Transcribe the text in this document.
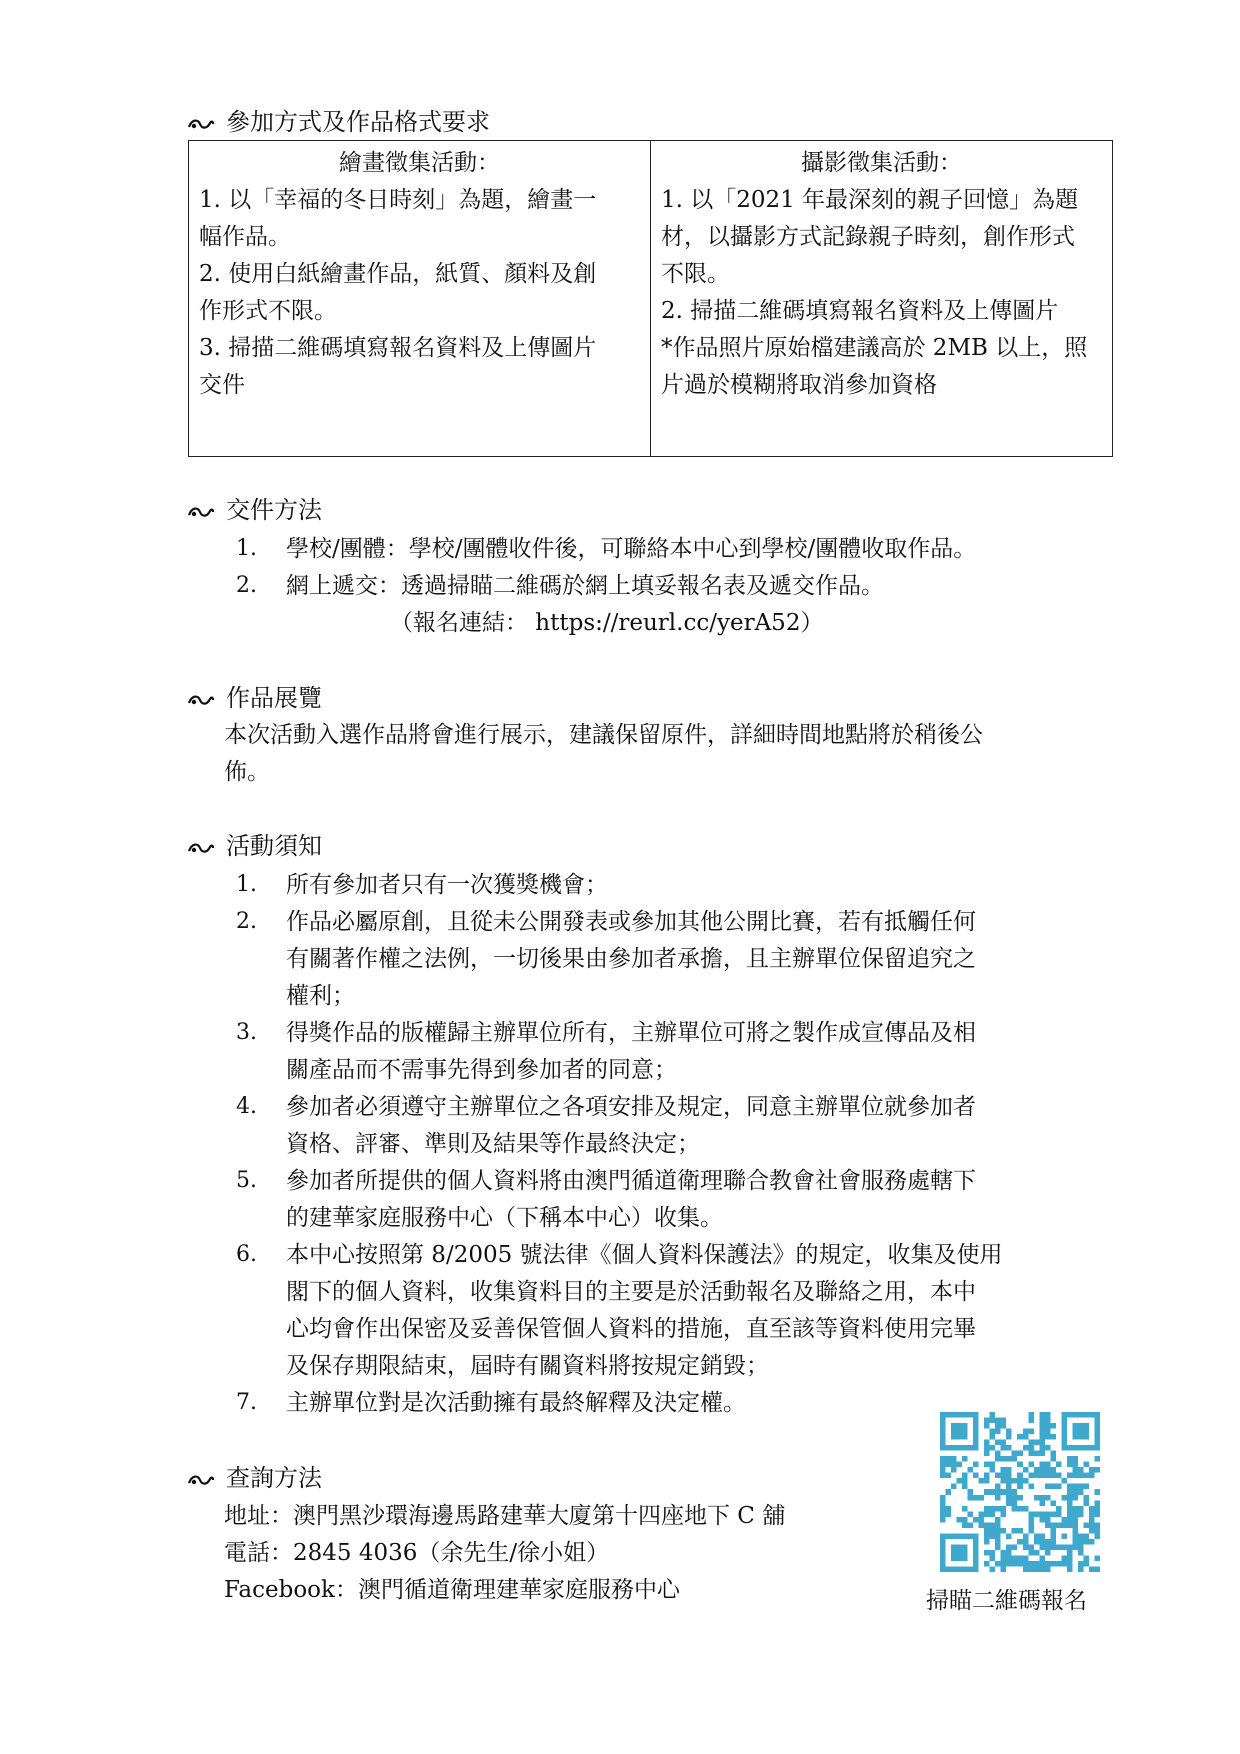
參加方式及作品格式要求
繪畫徵集活動：
1. 以「幸福的冬日時刻」為題，繪畫一
幅作品。
2. 使用白紙繪畫作品，紙質、顏料及創
作形式不限。
3. 掃描二維碼填寫報名資料及上傳圖片
交件

攝影徵集活動：
1. 以「2021 年最深刻的親子回憶」為題
材，以攝影方式記錄親子時刻，創作形式
不限。
2. 掃描二維碼填寫報名資料及上傳圖片
*作品照片原始檔建議高於 2MB 以上，照
片過於模糊將取消參加資格
交件方法
1. 學校/團體：學校/團體收件後，可聯絡本中心到學校/團體收取作品。
2. 網上遞交：透過掃瞄二維碼於網上填妥報名表及遞交作品。
（報名連結： https://reurl.cc/yerA52）
作品展覽
本次活動入選作品將會進行展示，建議保留原件，詳細時間地點將於稍後公
佈。
活動須知
1. 所有參加者只有一次獲獎機會；
2. 作品必屬原創，且從未公開發表或參加其他公開比賽，若有抵觸任何
有關著作權之法例，一切後果由參加者承擔，且主辦單位保留追究之
權利；
3. 得獎作品的版權歸主辦單位所有，主辦單位可將之製作成宣傳品及相
關產品而不需事先得到參加者的同意；
4. 參加者必須遵守主辦單位之各項安排及規定，同意主辦單位就參加者
資格、評審、準則及結果等作最終決定；
5. 參加者所提供的個人資料將由澳門循道衛理聯合教會社會服務處轄下
的建華家庭服務中心（下稱本中心）收集。
6. 本中心按照第 8/2005 號法律《個人資料保護法》的規定，收集及使用
閣下的個人資料，收集資料目的主要是於活動報名及聯絡之用，本中
心均會作出保密及妥善保管個人資料的措施，直至該等資料使用完畢
及保存期限結束，屆時有關資料將按規定銷毀；
7. 主辦單位對是次活動擁有最終解釋及決定權。
查詢方法
地址：澳門黑沙環海邊馬路建華大廈第十四座地下 C 舖
電話：2845 4036（余先生/徐小姐）
Facebook：澳門循道衛理建華家庭服務中心	掃瞄二維碼報名
